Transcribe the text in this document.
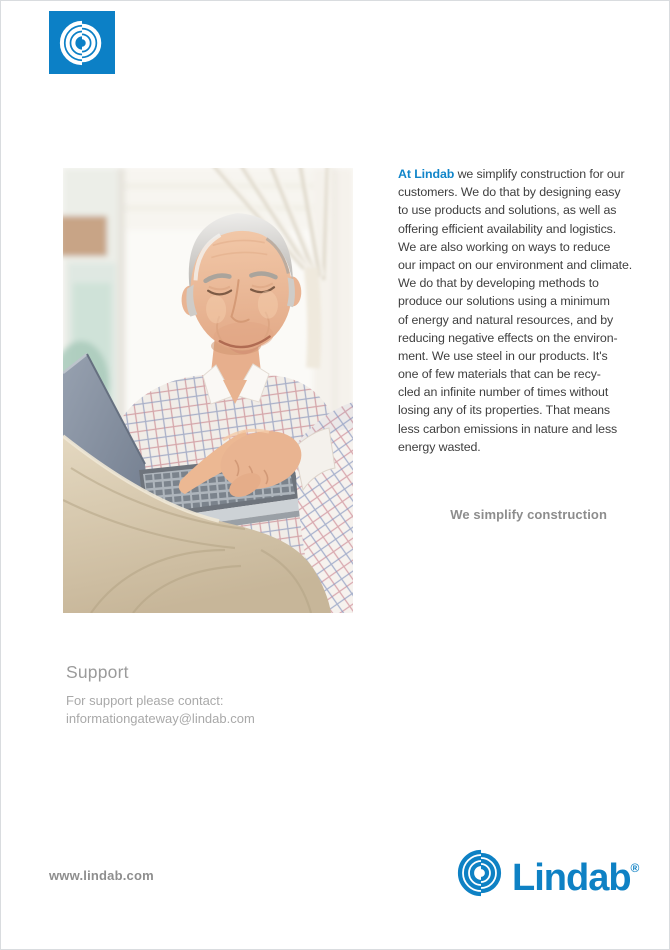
At Lindab we simplify construction for our
customers. We do that by designing easy
to use products and solutions, as well as
offering efficient availability and logistics.
We are also working on ways to reduce
our impact on our environment and climate.
We do that by developing methods to
produce our solutions using a minimum
of energy and natural resources, and by
reducing negative effects on the environ-
ment. We use steel in our products. It's
one of few materials that can be recy-
cled an infinite number of times without
losing any of its properties. That means
less carbon emissions in nature and less
energy wasted.
We simplify construction
Support
For support please contact:
informationgateway@lindab.com
www.lindab.com	Lindab®
